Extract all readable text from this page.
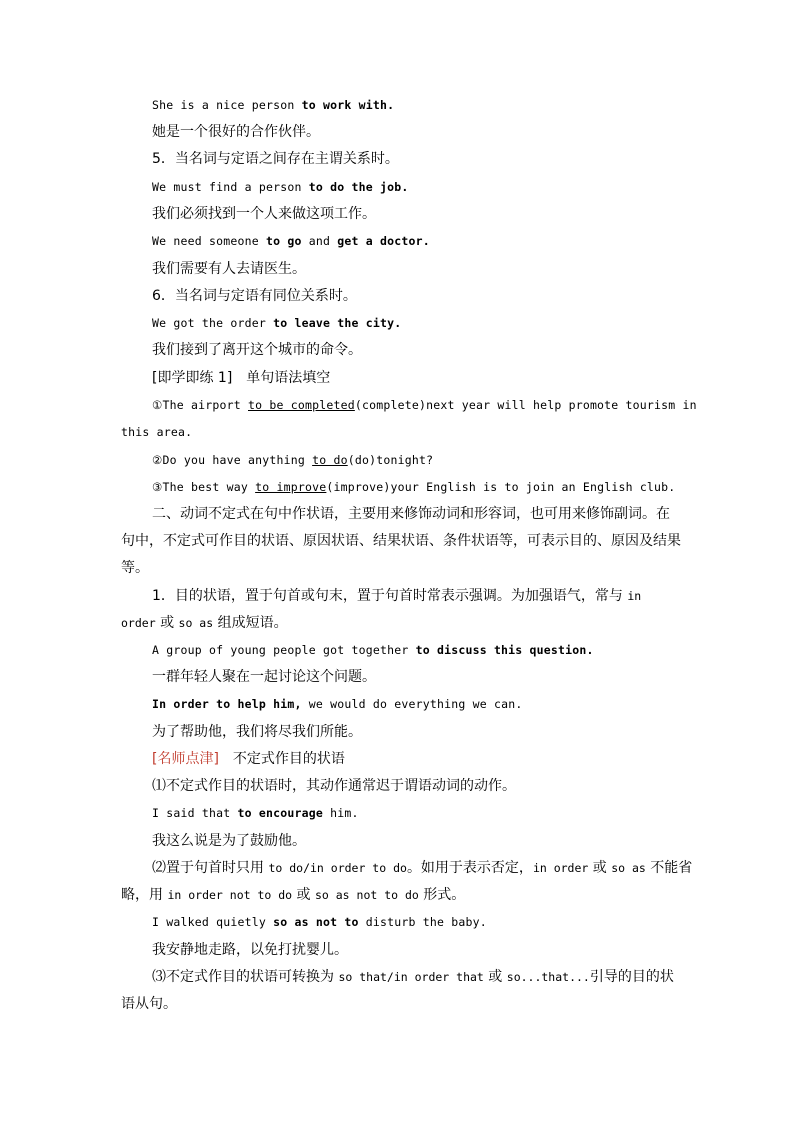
She is a nice person to work with.
她是一个很好的合作伙伴。
5．当名词与定语之间存在主谓关系时。
We must find a person to do the job.
我们必须找到一个人来做这项工作。
We need someone to go and get a doctor.
我们需要有人去请医生。
6．当名词与定语有同位关系时。
We got the order to leave the city.
我们接到了离开这个城市的命令。
[即学即练 1]　单句语法填空
①The airport to be completed(complete)next year will help promote tourism in
this area.
②Do you have anything to do(do)tonight?
③The best way to improve(improve)your English is to join an English club.
二、动词不定式在句中作状语，主要用来修饰动词和形容词，也可用来修饰副词。在
句中，不定式可作目的状语、原因状语、结果状语、条件状语等，可表示目的、原因及结果
等。
1．目的状语，置于句首或句末，置于句首时常表示强调。为加强语气，常与 in
order 或 so as 组成短语。
A group of young people got together to discuss this question.
一群年轻人聚在一起讨论这个问题。
In order to help him, we would do everything we can.
为了帮助他，我们将尽我们所能。
[名师点津]　不定式作目的状语
⑴不定式作目的状语时，其动作通常迟于谓语动词的动作。
I said that to encourage him.
我这么说是为了鼓励他。
⑵置于句首时只用 to do/in order to do。如用于表示否定，in order 或 so as 不能省
略，用 in order not to do 或 so as not to do 形式。
I walked quietly so as not to disturb the baby.
我安静地走路，以免打扰婴儿。
⑶不定式作目的状语可转换为 so that/in order that 或 so...that...引导的目的状
语从句。
